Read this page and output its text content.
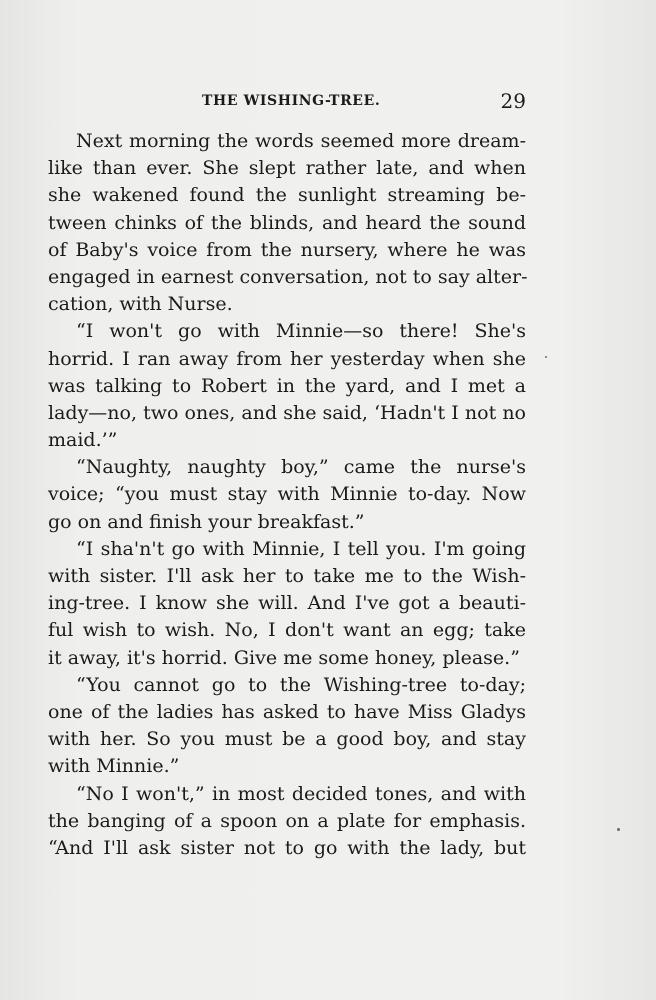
THE WISHING-TREE.	29
Next morning the words seemed more dream-
like than ever. She slept rather late, and when
she wakened found the sunlight streaming be-
tween chinks of the blinds, and heard the sound
of Baby's voice from the nursery, where he was
engaged in earnest conversation, not to say alter-
cation, with Nurse.
“I won't go with Minnie—so there! She's
horrid. I ran away from her yesterday when she
was talking to Robert in the yard, and I met a
lady—no, two ones, and she said, ‘Hadn't I not no
maid.’”
“Naughty, naughty boy,” came the nurse's
voice; “you must stay with Minnie to-day. Now
go on and finish your breakfast.”
“I sha'n't go with Minnie, I tell you. I'm going
with sister. I'll ask her to take me to the Wish-
ing-tree. I know she will. And I've got a beauti-
ful wish to wish. No, I don't want an egg; take
it away, it's horrid. Give me some honey, please.”
“You cannot go to the Wishing-tree to-day;
one of the ladies has asked to have Miss Gladys
with her. So you must be a good boy, and stay
with Minnie.”
“No I won't,” in most decided tones, and with
the banging of a spoon on a plate for emphasis.
“And I'll ask sister not to go with the lady, but
